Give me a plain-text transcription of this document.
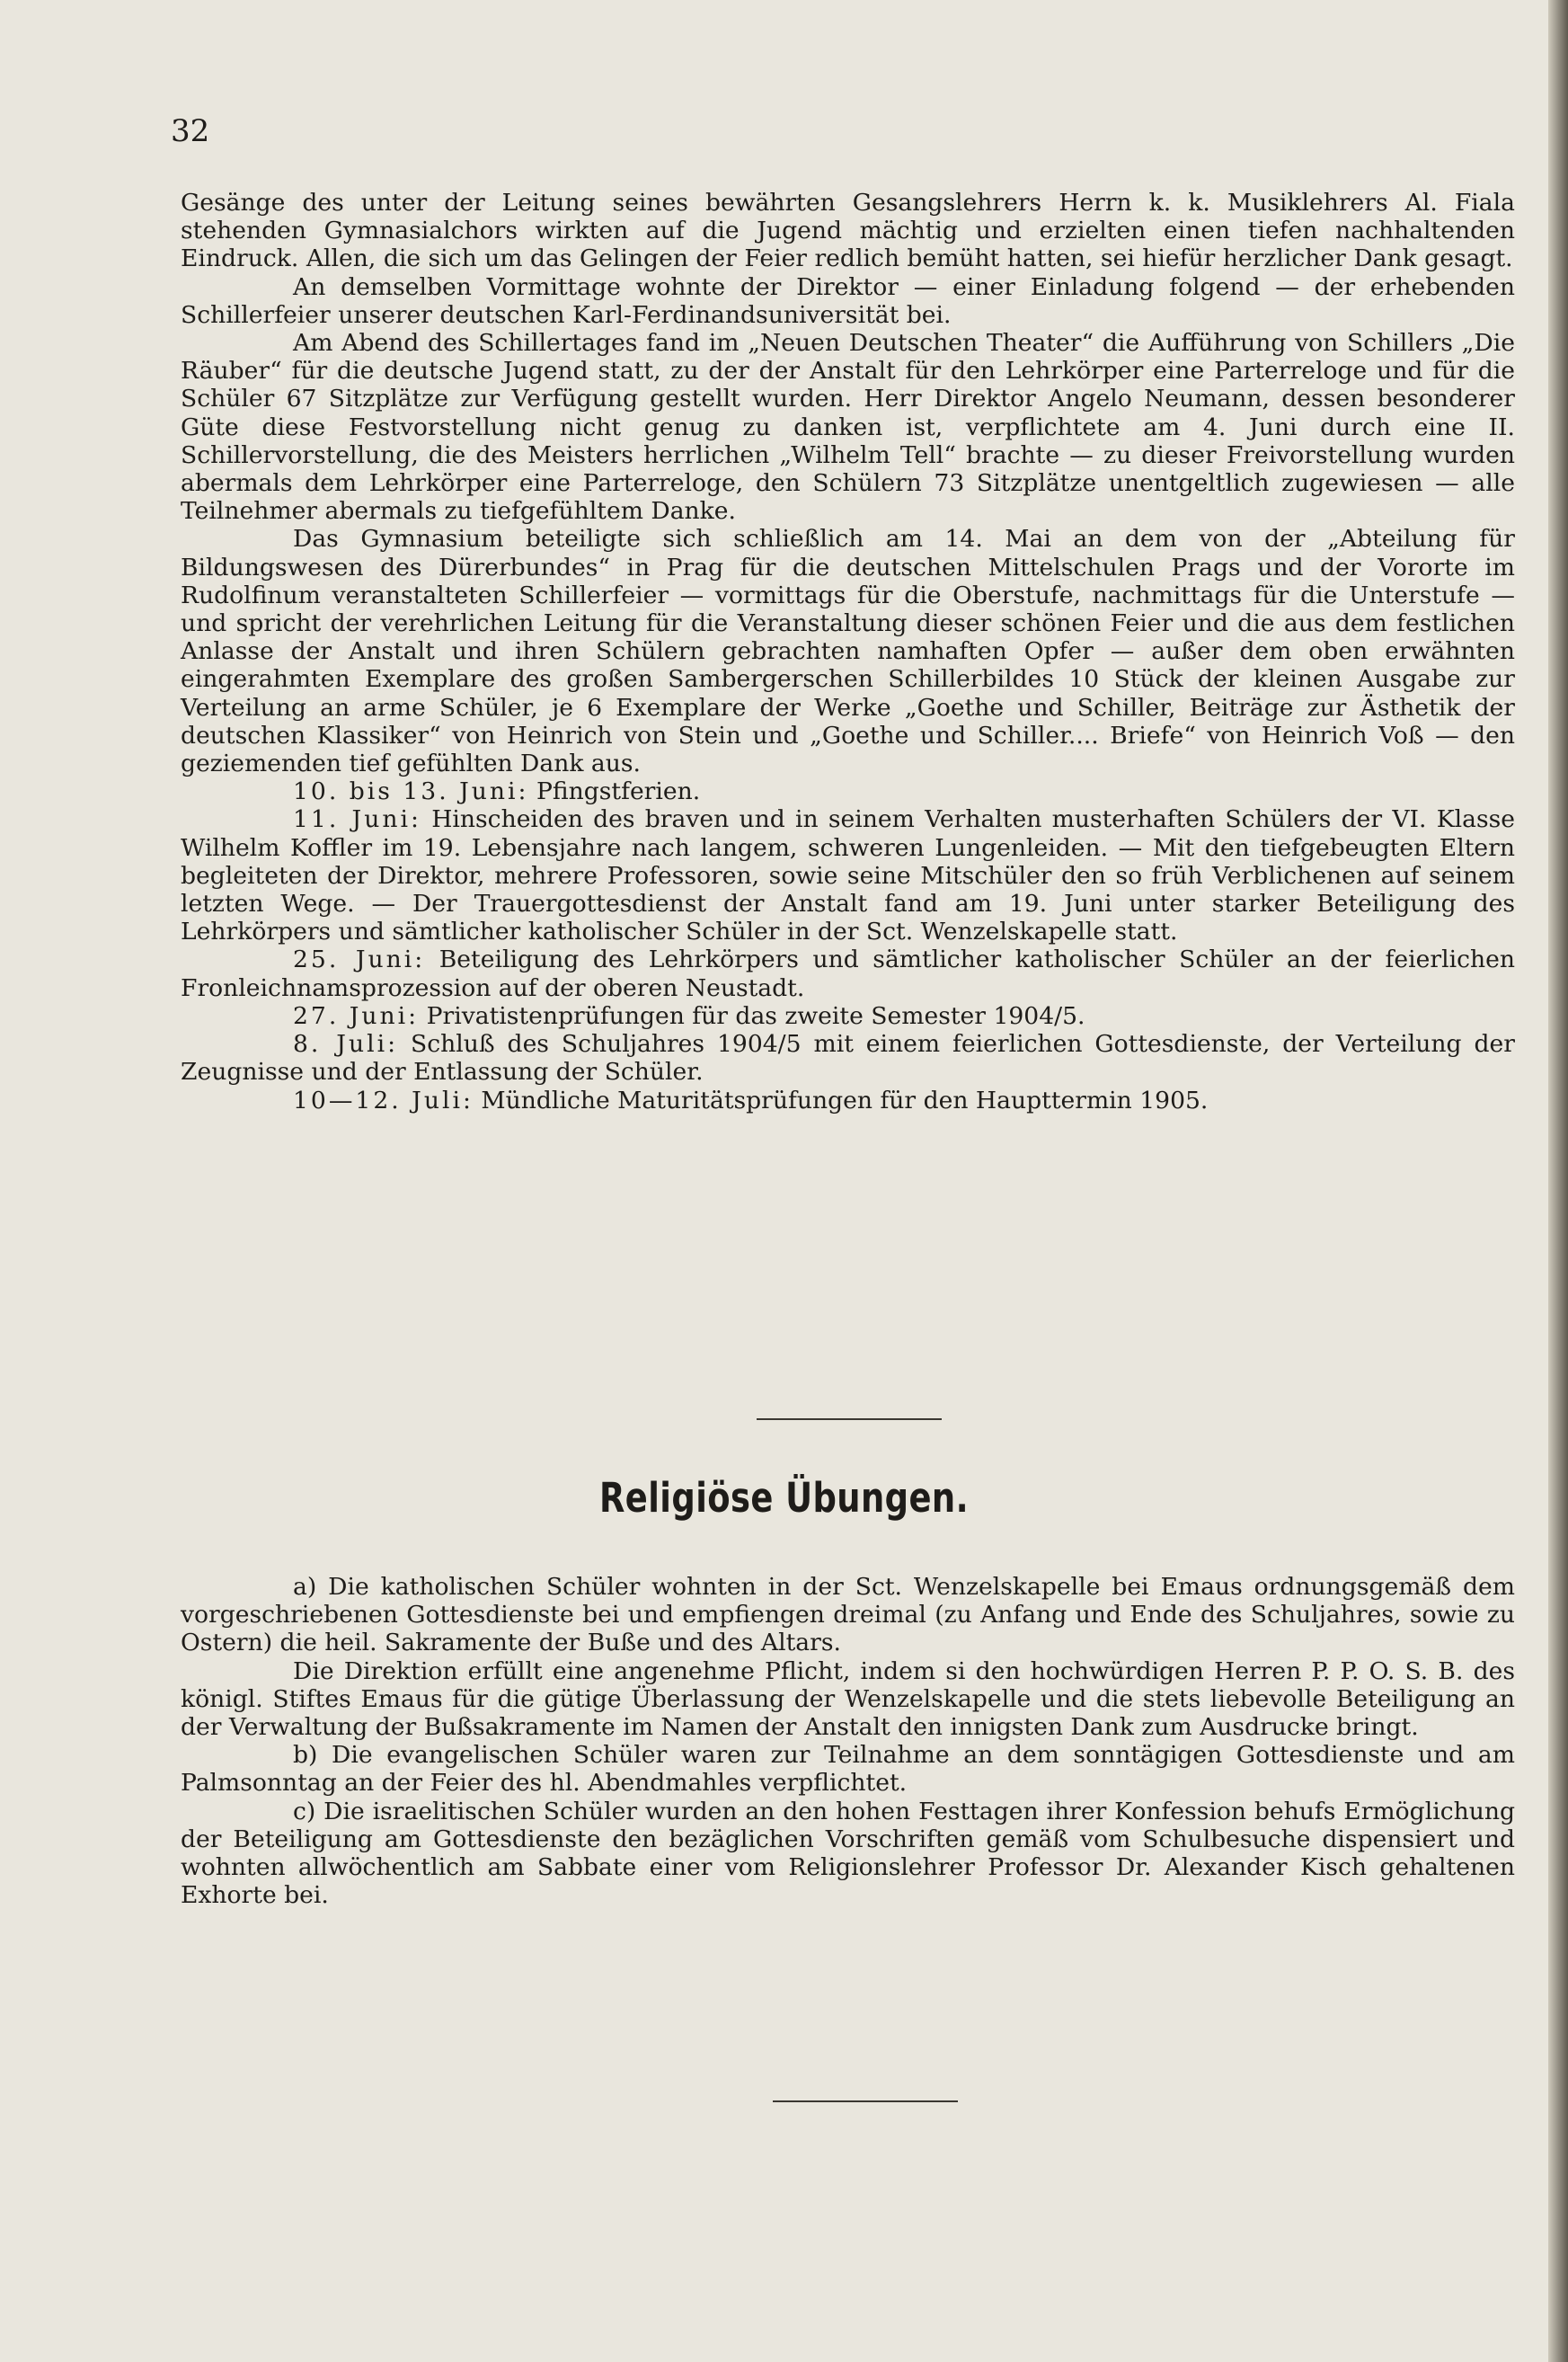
32

Gesänge des unter der Leitung seines bewährten Gesangslehrers Herrn k. k. Musiklehrers Al. Fiala stehenden Gymnasialchors wirkten auf die Jugend mächtig und erzielten einen tiefen nachhaltenden Eindruck. Allen, die sich um das Gelingen der Feier redlich bemüht hatten, sei hiefür herzlicher Dank gesagt.

An demselben Vormittage wohnte der Direktor — einer Einladung folgend — der erhebenden Schillerfeier unserer deutschen Karl-Ferdinandsuniversität bei.

Am Abend des Schillertages fand im „Neuen Deutschen Theater“ die Aufführung von Schillers „Die Räuber“ für die deutsche Jugend statt, zu der der Anstalt für den Lehrkörper eine Parterreloge und für die Schüler 67 Sitzplätze zur Verfügung gestellt wurden. Herr Direktor Angelo Neumann, dessen besonderer Güte diese Festvorstellung nicht genug zu danken ist, verpflichtete am 4. Juni durch eine II. Schillervorstellung, die des Meisters herrlichen „Wilhelm Tell“ brachte — zu dieser Freivorstellung wurden abermals dem Lehrkörper eine Parterreloge, den Schülern 73 Sitzplätze unentgeltlich zugewiesen — alle Teilnehmer abermals zu tiefgefühltem Danke.

Das Gymnasium beteiligte sich schließlich am 14. Mai an dem von der „Abteilung für Bildungswesen des Dürerbundes“ in Prag für die deutschen Mittelschulen Prags und der Vororte im Rudolfinum veranstalteten Schillerfeier — vormittags für die Oberstufe, nachmittags für die Unterstufe — und spricht der verehrlichen Leitung für die Veranstaltung dieser schönen Feier und die aus dem festlichen Anlasse der Anstalt und ihren Schülern gebrachten namhaften Opfer — außer dem oben erwähnten eingerahmten Exemplare des großen Sambergerschen Schillerbildes 10 Stück der kleinen Ausgabe zur Verteilung an arme Schüler, je 6 Exemplare der Werke „Goethe und Schiller, Beiträge zur Ästhetik der deutschen Klassiker“ von Heinrich von Stein und „Goethe und Schiller.... Briefe“ von Heinrich Voß — den geziemenden tief gefühlten Dank aus.

10. bis 13. Juni: Pfingstferien.

11. Juni: Hinscheiden des braven und in seinem Verhalten musterhaften Schülers der VI. Klasse Wilhelm Koffler im 19. Lebensjahre nach langem, schweren Lungenleiden. — Mit den tiefgebeugten Eltern begleiteten der Direktor, mehrere Professoren, sowie seine Mitschüler den so früh Verblichenen auf seinem letzten Wege. — Der Trauergottesdienst der Anstalt fand am 19. Juni unter starker Beteiligung des Lehrkörpers und sämtlicher katholischer Schüler in der Sct. Wenzelskapelle statt.

25. Juni: Beteiligung des Lehrkörpers und sämtlicher katholischer Schüler an der feierlichen Fronleichnamsprozession auf der oberen Neustadt.

27. Juni: Privatistenprüfungen für das zweite Semester 1904/5.

8. Juli: Schluß des Schuljahres 1904/5 mit einem feierlichen Gottesdienste, der Verteilung der Zeugnisse und der Entlassung der Schüler.

10—12. Juli: Mündliche Maturitätsprüfungen für den Haupttermin 1905.

Religiöse Übungen.

a) Die katholischen Schüler wohnten in der Sct. Wenzelskapelle bei Emaus ordnungsgemäß dem vorgeschriebenen Gottesdienste bei und empfiengen dreimal (zu Anfang und Ende des Schuljahres, sowie zu Ostern) die heil. Sakramente der Buße und des Altars.

Die Direktion erfüllt eine angenehme Pflicht, indem si den hochwürdigen Herren P. P. O. S. B. des königl. Stiftes Emaus für die gütige Überlassung der Wenzelskapelle und die stets liebevolle Beteiligung an der Verwaltung der Bußsakramente im Namen der Anstalt den innigsten Dank zum Ausdrucke bringt.

b) Die evangelischen Schüler waren zur Teilnahme an dem sonntägigen Gottesdienste und am Palmsonntag an der Feier des hl. Abendmahles verpflichtet.

c) Die israelitischen Schüler wurden an den hohen Festtagen ihrer Konfession behufs Ermöglichung der Beteiligung am Gottesdienste den bezäglichen Vorschriften gemäß vom Schulbesuche dispensiert und wohnten allwöchentlich am Sabbate einer vom Religionslehrer Professor Dr. Alexander Kisch gehaltenen Exhorte bei.
